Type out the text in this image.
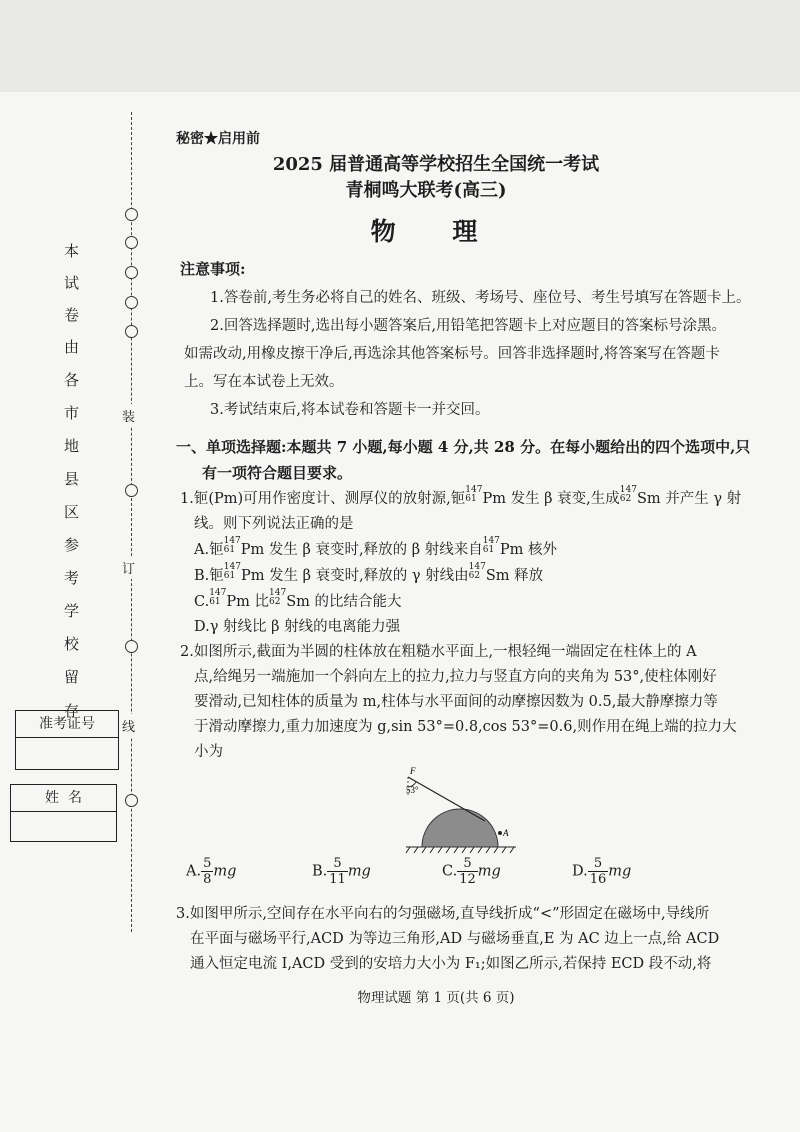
装
订
线
本
试
卷
由
各
市
地
县
区
参
考
学
校
留
存
准考证号
姓  名
秘密★启用前
2025 届普通高等学校招生全国统一考试
青桐鸣大联考(高三)
物 理
注意事项:
1.答卷前,考生务必将自己的姓名、班级、考场号、座位号、考生号填写在答题卡上。
2.回答选择题时,选出每小题答案后,用铅笔把答题卡上对应题目的答案标号涂黑。
如需改动,用橡皮擦干净后,再选涂其他答案标号。回答非选择题时,将答案写在答题卡
上。写在本试卷上无效。
3.考试结束后,将本试卷和答题卡一并交回。
一、单项选择题:本题共 7 小题,每小题 4 分,共 28 分。在每小题给出的四个选项中,只
有一项符合题目要求。
1.钷(Pm)可用作密度计、测厚仪的放射源,钷147
61 Pm 发生 β 衰变,生成147
62 Sm 并产生 γ 射
线。则下列说法正确的是
A.钷147
61 Pm 发生 β 衰变时,释放的 β 射线来自147
61 Pm 核外
B.钷147
61 Pm 发生 β 衰变时,释放的 γ 射线由147
62 Sm 释放
C.147
61 Pm 比147
62 Sm 的比结合能大
D.γ 射线比 β 射线的电离能力强
2.如图所示,截面为半圆的柱体放在粗糙水平面上,一根轻绳一端固定在柱体上的 A
点,给绳另一端施加一个斜向左上的拉力,拉力与竖直方向的夹角为 53°,使柱体刚好
要滑动,已知柱体的质量为 m,柱体与水平面间的动摩擦因数为 0.5,最大静摩擦力等
于滑动摩擦力,重力加速度为 g,sin 53°=0.8,cos 53°=0.6,则作用在绳上端的拉力大
小为
F
53°
A
A. $\frac{5}{8}$ mg	B. $\frac{5}{11}$ mg	C. $\frac{5}{12}$ mg	D. $\frac{5}{16}$ mg
3.如图甲所示,空间存在水平向右的匀强磁场,直导线折成“<”形固定在磁场中,导线所
在平面与磁场平行,ACD 为等边三角形,AD 与磁场垂直,E 为 AC 边上一点,给 ACD
通入恒定电流 I,ACD 受到的安培力大小为 F₁;如图乙所示,若保持 ECD 段不动,将
物理试题 第 1 页(共 6 页)
